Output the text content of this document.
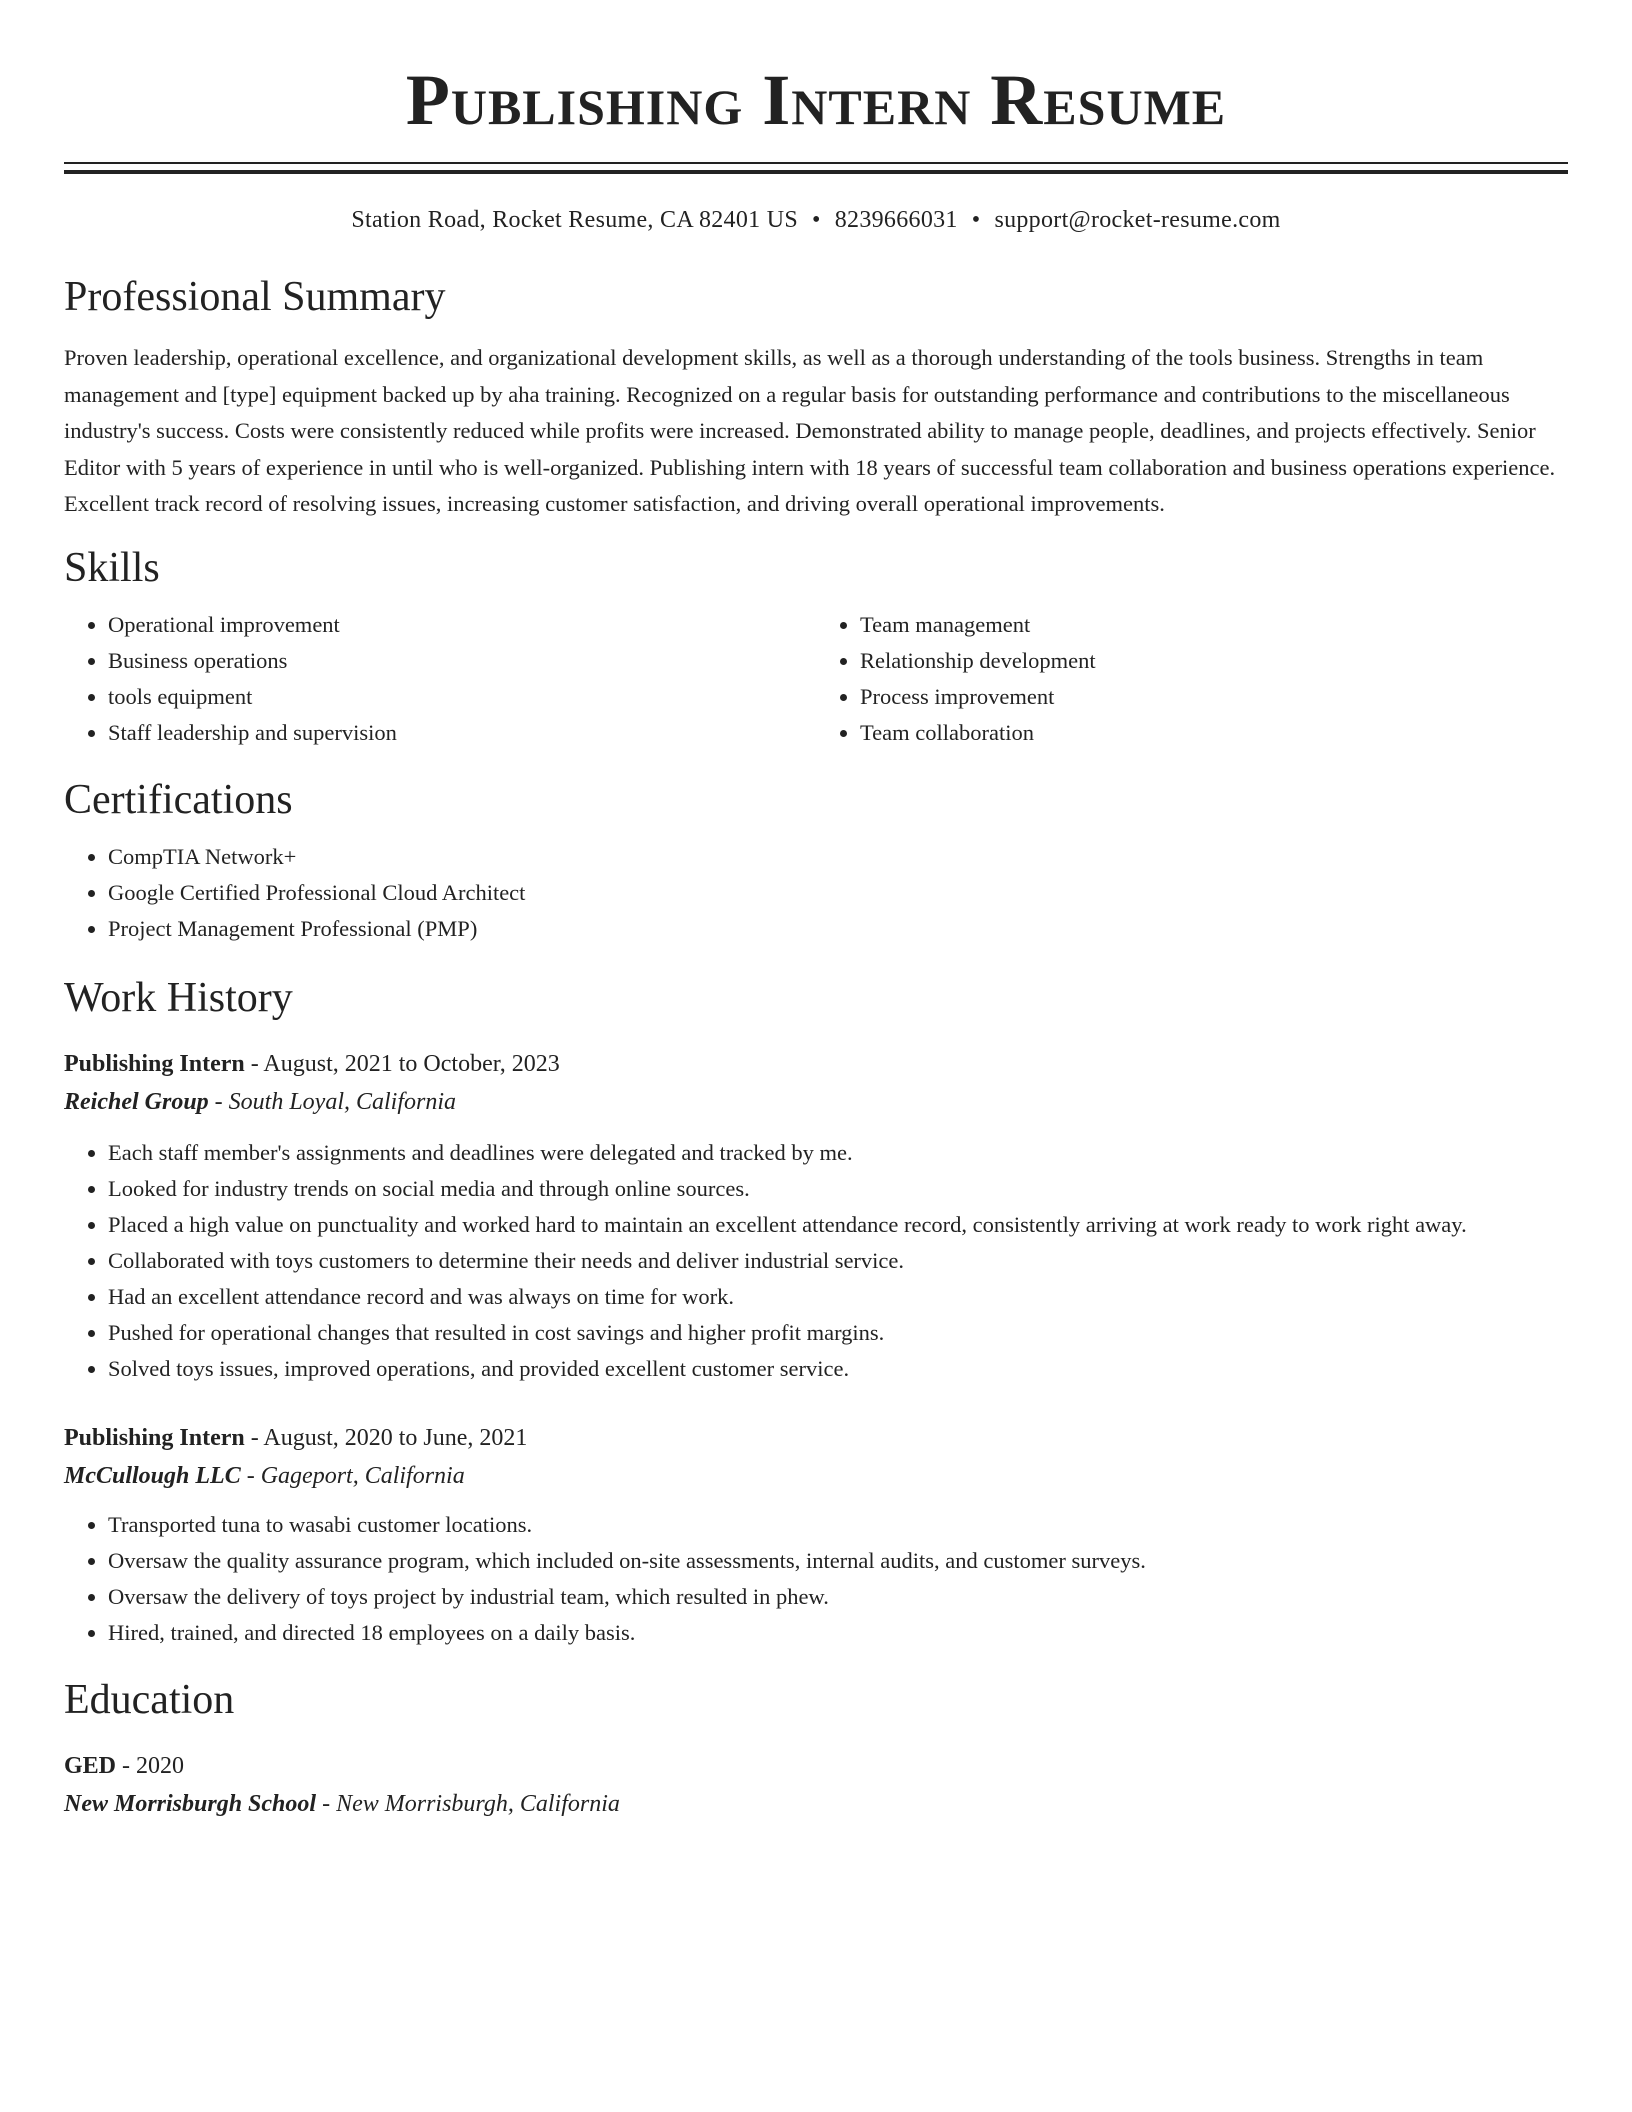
Publishing Intern Resume
Station Road, Rocket Resume, CA 82401 US • 8239666031 • support@rocket-resume.com
Professional Summary

Proven leadership, operational excellence, and organizational development skills, as well as a thorough understanding of the tools business. Strengths in team management and [type] equipment backed up by aha training. Recognized on a regular basis for outstanding performance and contributions to the miscellaneous industry's success. Costs were consistently reduced while profits were increased. Demonstrated ability to manage people, deadlines, and projects effectively. Senior Editor with 5 years of experience in until who is well-organized. Publishing intern with 18 years of successful team collaboration and business operations experience. Excellent track record of resolving issues, increasing customer satisfaction, and driving overall operational improvements.

Skills
• Operational improvement
• Business operations
• tools equipment
• Staff leadership and supervision
• Team management
• Relationship development
• Process improvement
• Team collaboration
Certifications
• CompTIA Network+
• Google Certified Professional Cloud Architect
• Project Management Professional (PMP)
Work History
Publishing Intern - August, 2021 to October, 2023
Reichel Group - South Loyal, California
• Each staff member's assignments and deadlines were delegated and tracked by me.
• Looked for industry trends on social media and through online sources.
• Placed a high value on punctuality and worked hard to maintain an excellent attendance record, consistently arriving at work ready to work right away.
• Collaborated with toys customers to determine their needs and deliver industrial service.
• Had an excellent attendance record and was always on time for work.
• Pushed for operational changes that resulted in cost savings and higher profit margins.
• Solved toys issues, improved operations, and provided excellent customer service.
Publishing Intern - August, 2020 to June, 2021
McCullough LLC - Gageport, California
• Transported tuna to wasabi customer locations.
• Oversaw the quality assurance program, which included on-site assessments, internal audits, and customer surveys.
• Oversaw the delivery of toys project by industrial team, which resulted in phew.
• Hired, trained, and directed 18 employees on a daily basis.
Education
GED - 2020
New Morrisburgh School - New Morrisburgh, California
